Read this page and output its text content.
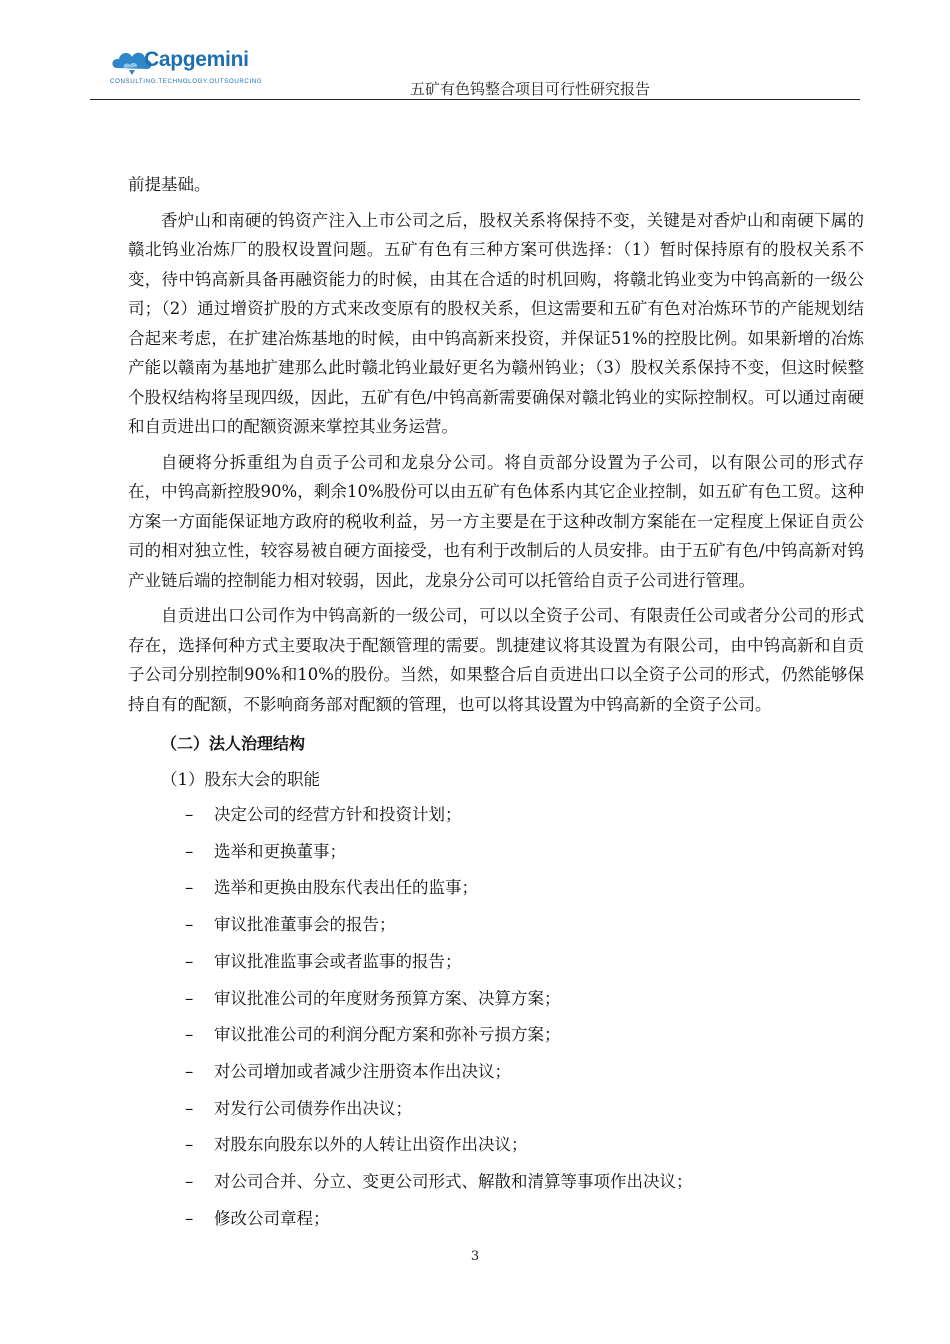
Capgemini
CONSULTING.TECHNOLOGY.OUTSOURCING	五矿有色钨整合项目可行性研究报告

前提基础。

香炉山和南硬的钨资产注入上市公司之后，股权关系将保持不变，关键是对香炉山和南硬下属的赣北钨业冶炼厂的股权设置问题。五矿有色有三种方案可供选择：（1）暂时保持原有的股权关系不变，待中钨高新具备再融资能力的时候，由其在合适的时机回购，将赣北钨业变为中钨高新的一级公司；（2）通过增资扩股的方式来改变原有的股权关系，但这需要和五矿有色对冶炼环节的产能规划结合起来考虑，在扩建冶炼基地的时候，由中钨高新来投资，并保证51%的控股比例。如果新增的冶炼产能以赣南为基地扩建那么此时赣北钨业最好更名为赣州钨业；（3）股权关系保持不变，但这时候整个股权结构将呈现四级，因此，五矿有色/中钨高新需要确保对赣北钨业的实际控制权。可以通过南硬和自贡进出口的配额资源来掌控其业务运营。

自硬将分拆重组为自贡子公司和龙泉分公司。将自贡部分设置为子公司，以有限公司的形式存在，中钨高新控股90%，剩余10%股份可以由五矿有色体系内其它企业控制，如五矿有色工贸。这种方案一方面能保证地方政府的税收利益，另一方主要是在于这种改制方案能在一定程度上保证自贡公司的相对独立性，较容易被自硬方面接受，也有利于改制后的人员安排。由于五矿有色/中钨高新对钨产业链后端的控制能力相对较弱，因此，龙泉分公司可以托管给自贡子公司进行管理。

自贡进出口公司作为中钨高新的一级公司，可以以全资子公司、有限责任公司或者分公司的形式存在，选择何种方式主要取决于配额管理的需要。凯捷建议将其设置为有限公司，由中钨高新和自贡子公司分别控制90%和10%的股份。当然，如果整合后自贡进出口以全资子公司的形式，仍然能够保持自有的配额，不影响商务部对配额的管理，也可以将其设置为中钨高新的全资子公司。

（二）法人治理结构
（1）股东大会的职能
– 决定公司的经营方针和投资计划；
– 选举和更换董事；
– 选举和更换由股东代表出任的监事；
– 审议批准董事会的报告；
– 审议批准监事会或者监事的报告；
– 审议批准公司的年度财务预算方案、决算方案；
– 审议批准公司的利润分配方案和弥补亏损方案；
– 对公司增加或者减少注册资本作出决议；
– 对发行公司债券作出决议；
– 对股东向股东以外的人转让出资作出决议；
– 对公司合并、分立、变更公司形式、解散和清算等事项作出决议；
– 修改公司章程；
3
